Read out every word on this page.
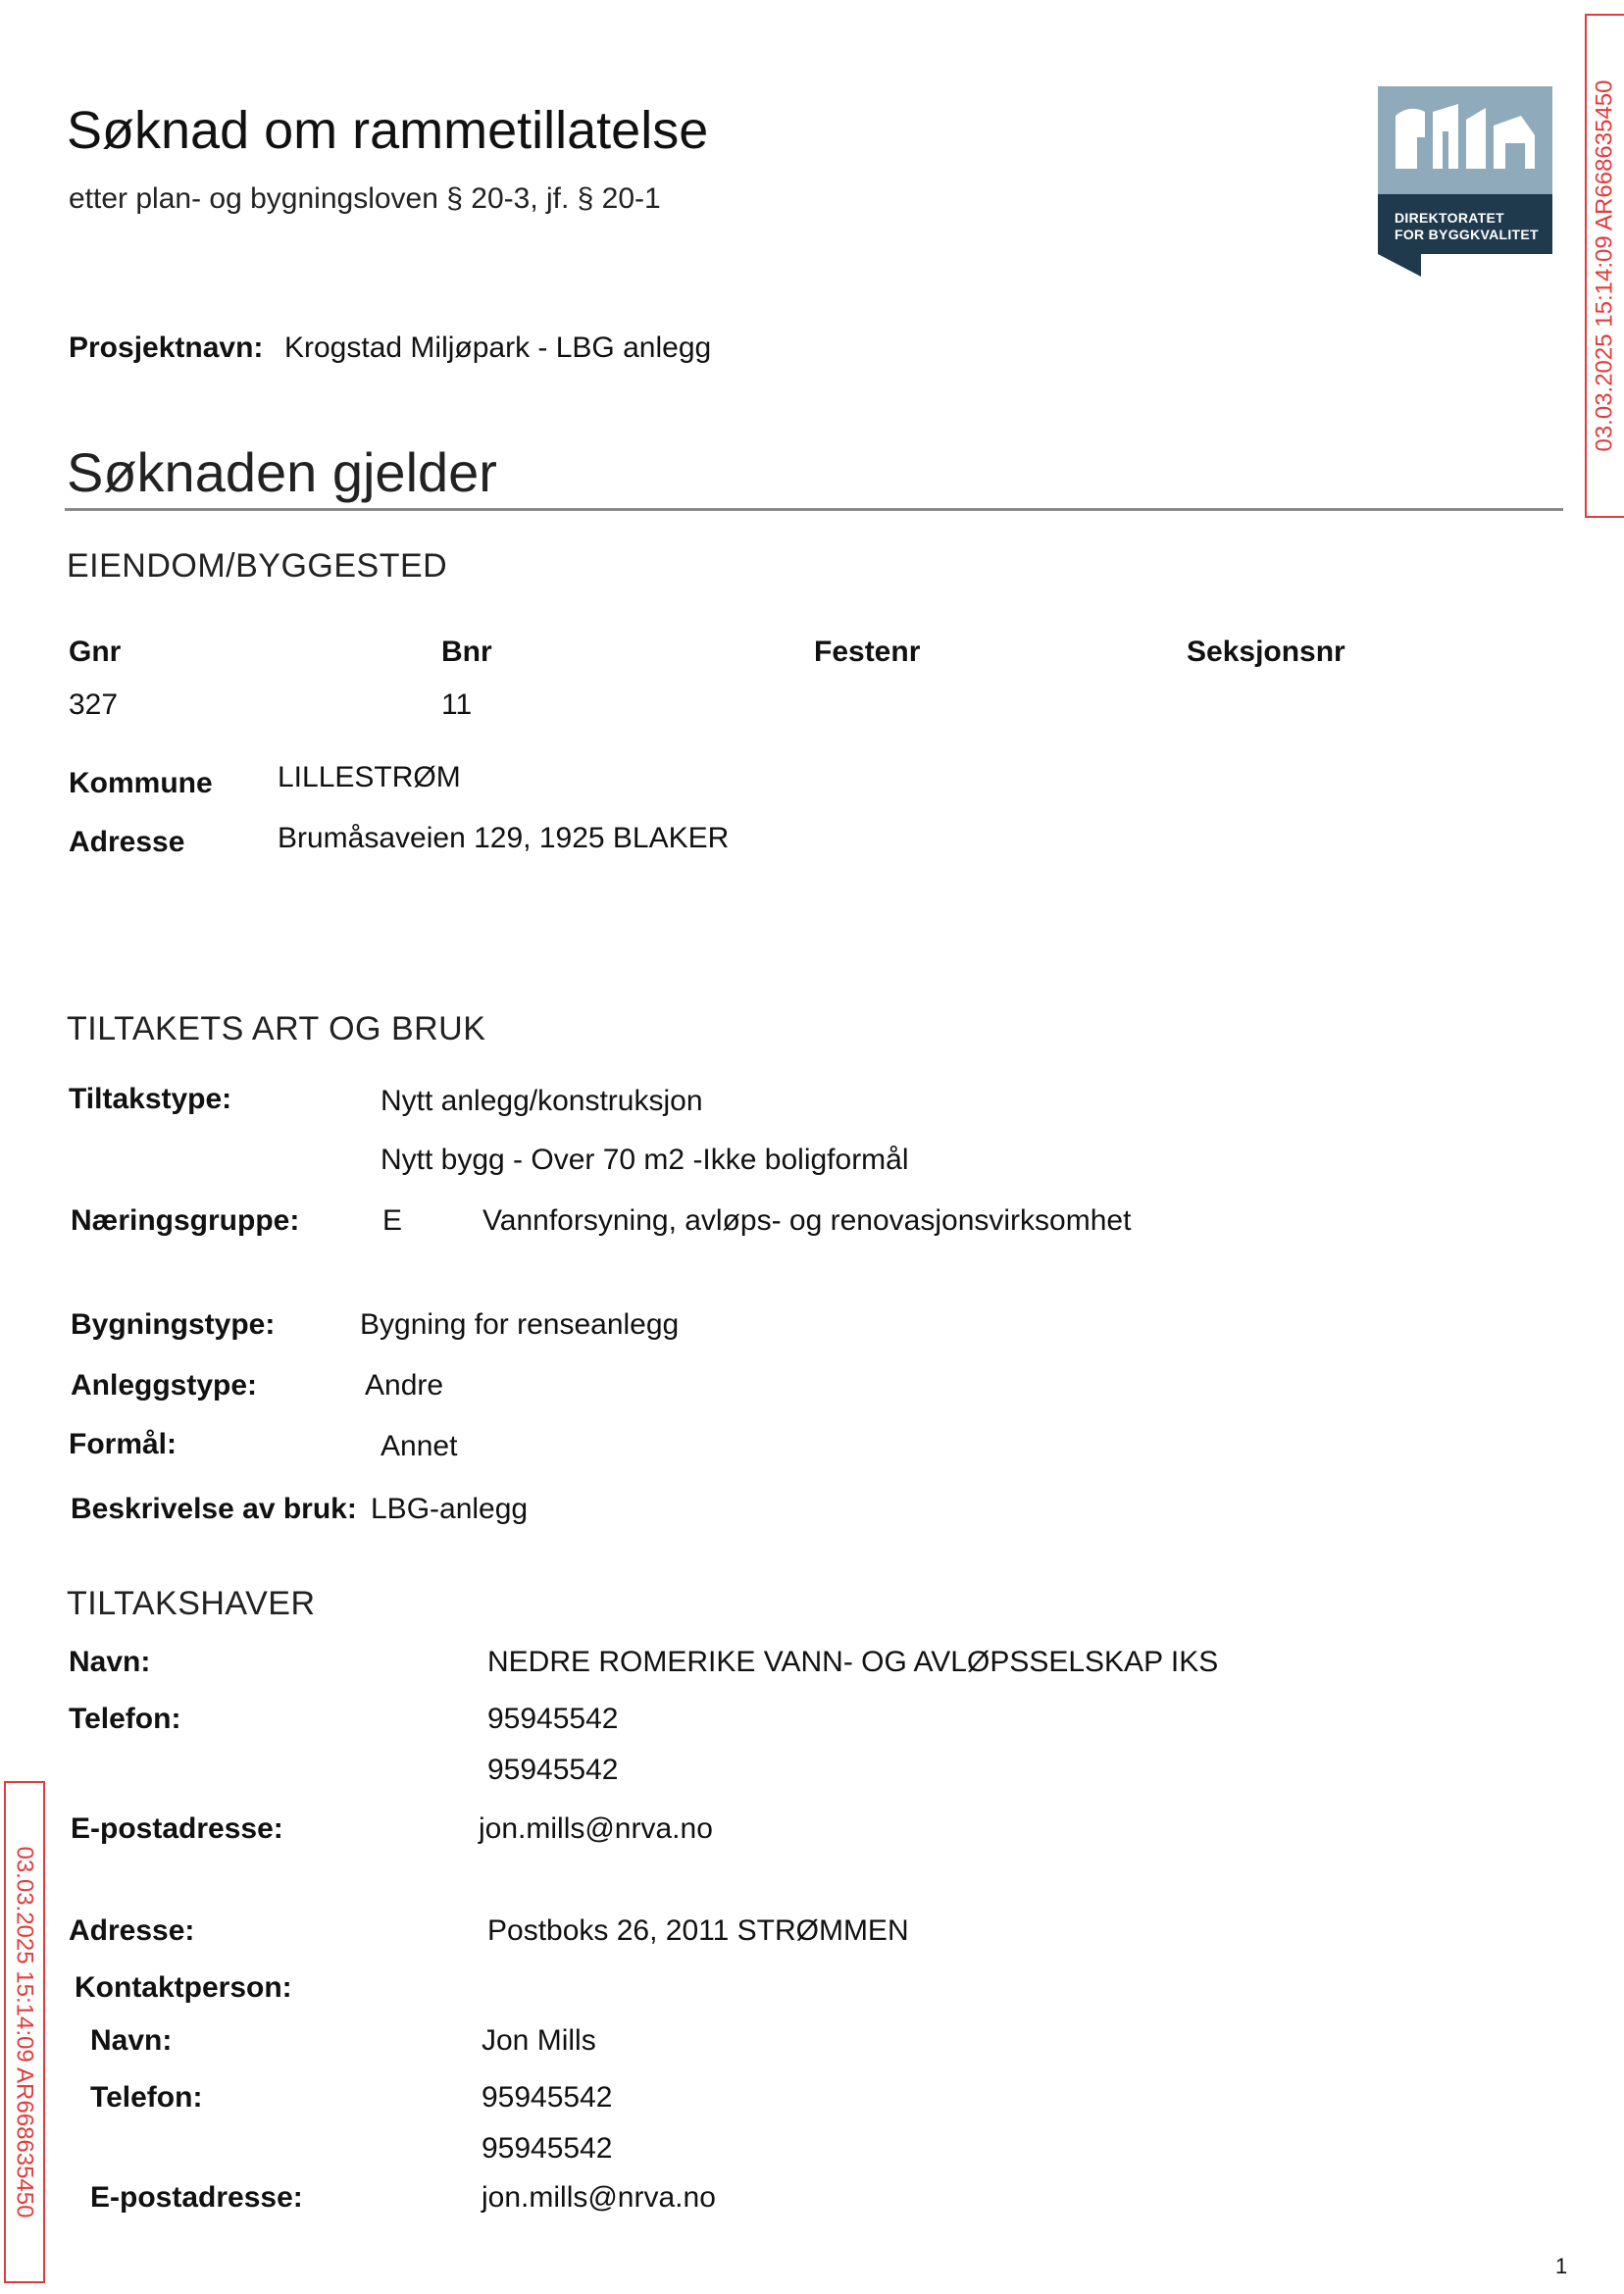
Søknad om rammetillatelse
etter plan- og bygningsloven § 20-3, jf. § 20-1
DIREKTORATET
FOR BYGGKVALITET 03.03.2025 15:14:09 AR668635450
03.03.2025 15:14:09 AR668635450
Prosjektnavn: Krogstad Miljøpark - LBG anlegg
Søknaden gjelder
EIENDOM/BYGGESTED
Gnr	Bnr	Festenr	Seksjonsnr
327	11
Kommune LILLESTRØM
Adresse	Brumåsaveien 129, 1925 BLAKER
TILTAKETS ART OG BRUK
Tiltakstype:	Nytt anlegg/konstruksjon
Nytt bygg - Over 70 m2 -Ikke boligformål
Næringsgruppe:	E	Vannforsyning, avløps- og renovasjonsvirksomhet
Bygningstype:	Bygning for renseanlegg
Anleggstype:	Andre
Formål:	Annet
Beskrivelse av bruk: LBG-anlegg
TILTAKSHAVER
Navn:	NEDRE ROMERIKE VANN- OG AVLØPSSELSKAP IKS
Telefon:	95945542
95945542
E-postadresse:	jon.mills@nrva.no
Adresse:	Postboks 26, 2011 STRØMMEN
Kontaktperson:
Navn:	Jon Mills
Telefon:	95945542
95945542
E-postadresse:	jon.mills@nrva.no
1
